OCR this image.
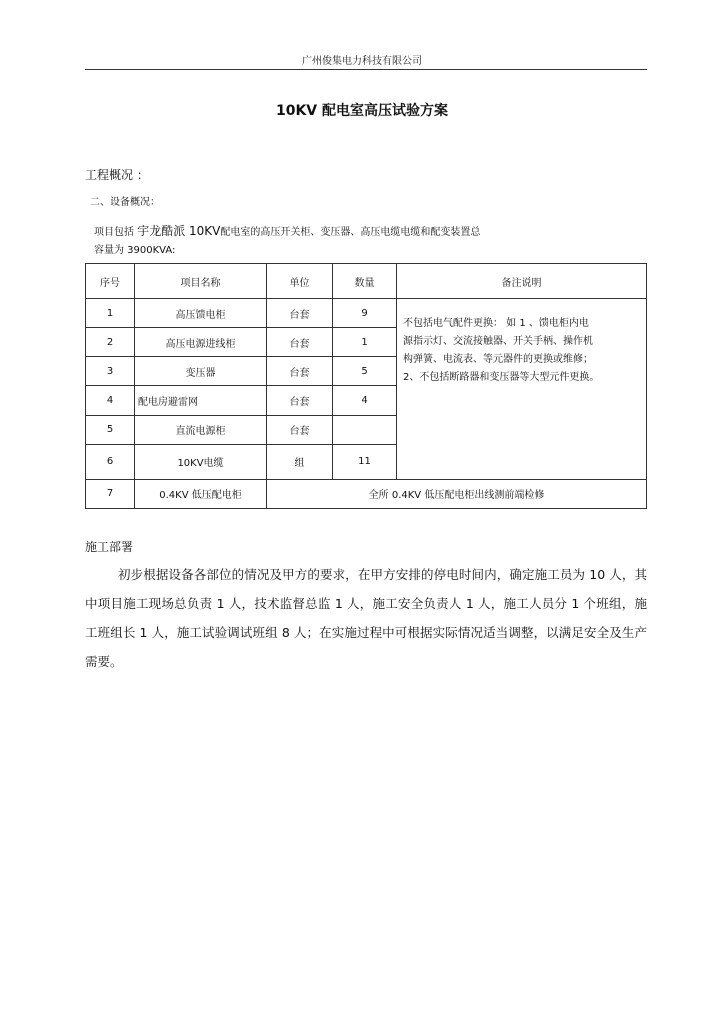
广州俊集电力科技有限公司
10KV 配电室高压试验方案
工程概况 ：
二、设备概况：
项目包括 宇龙酷派 10KV配电室的高压开关柜、变压器、高压电缆电缆和配变装置总
容量为 3900KVA:
序号	项目名称	单位	数量	备注说明
1	高压馈电柜	台套	9	不包括电气配件更换： 如 1 、馈电柜内电
源指示灯、交流接触器、开关手柄、操作机
构弹簧、电流表、等元器件的更换或维修；
2、不包括断路器和变压器等大型元件更换。

2	高压电源进线柜	台套	1	
3	变压器	台套	5	
4	配电房避雷网	台套	4	
5	直流电源柜	台套		
6	10KV电缆	组	11	
7	0.4KV 低压配电柜	全所 0.4KV 低压配电柜出线测前端检修		
施工部署
初步根据设备各部位的情况及甲方的要求，在甲方安排的停电时间内，确定施工员为 10 人，其中项目施工现场总负责 1 人，技术监督总监 1 人，施工安全负责人 1 人，施工人员分 1 个班组，施工班组长 1 人，施工试验调试班组 8 人；在实施过程中可根据实际情况适当调整，以满足安全及生产需要。
